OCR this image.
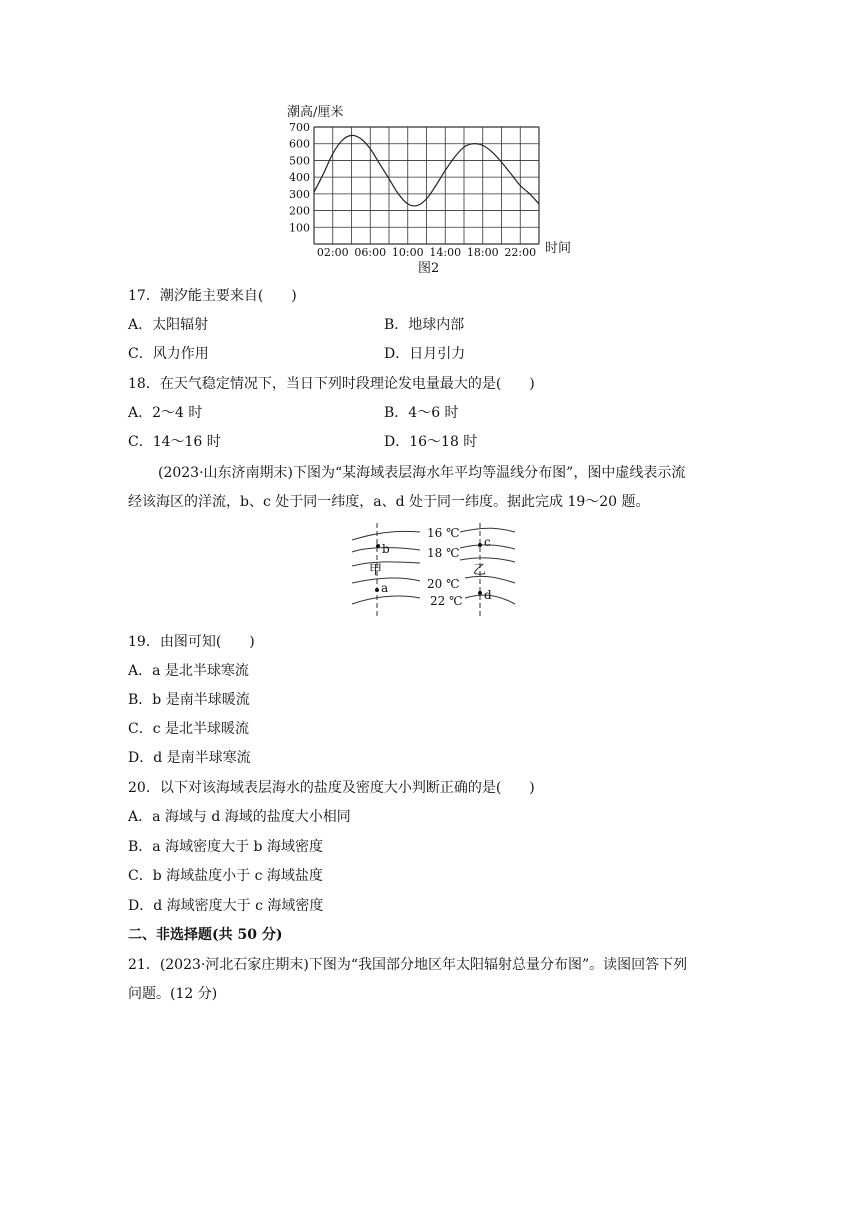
潮高/厘米
100
200
300
400
500
600
700
02:00 06:00 10:00 14:00 18:00 22:00 时间
图2
17．潮汐能主要来自(　　)
A．太阳辐射	B．地球内部
C．风力作用	D．日月引力
18．在天气稳定情况下，当日下列时段理论发电量最大的是(　　)
A．2～4 时	B．4～6 时
C．14～16 时	D．16～18 时
(2023·山东济南期末)下图为“某海域表层海水年平均等温线分布图”，图中虚线表示流
经该海区的洋流，b、c 处于同一纬度，a、d 处于同一纬度。据此完成 19～20 题。
16 ℃
18 ℃
20 ℃
22 ℃
甲	乙
b
a
c
d
19．由图可知(　　)
A．a 是北半球寒流
B．b 是南半球暖流
C．c 是北半球暖流
D．d 是南半球寒流
20．以下对该海域表层海水的盐度及密度大小判断正确的是(　　)
A．a 海域与 d 海域的盐度大小相同
B．a 海域密度大于 b 海域密度
C．b 海域盐度小于 c 海域盐度
D．d 海域密度大于 c 海域密度
二、非选择题(共 50 分)
21．(2023·河北石家庄期末)下图为“我国部分地区年太阳辐射总量分布图”。读图回答下列
问题。(12 分)
